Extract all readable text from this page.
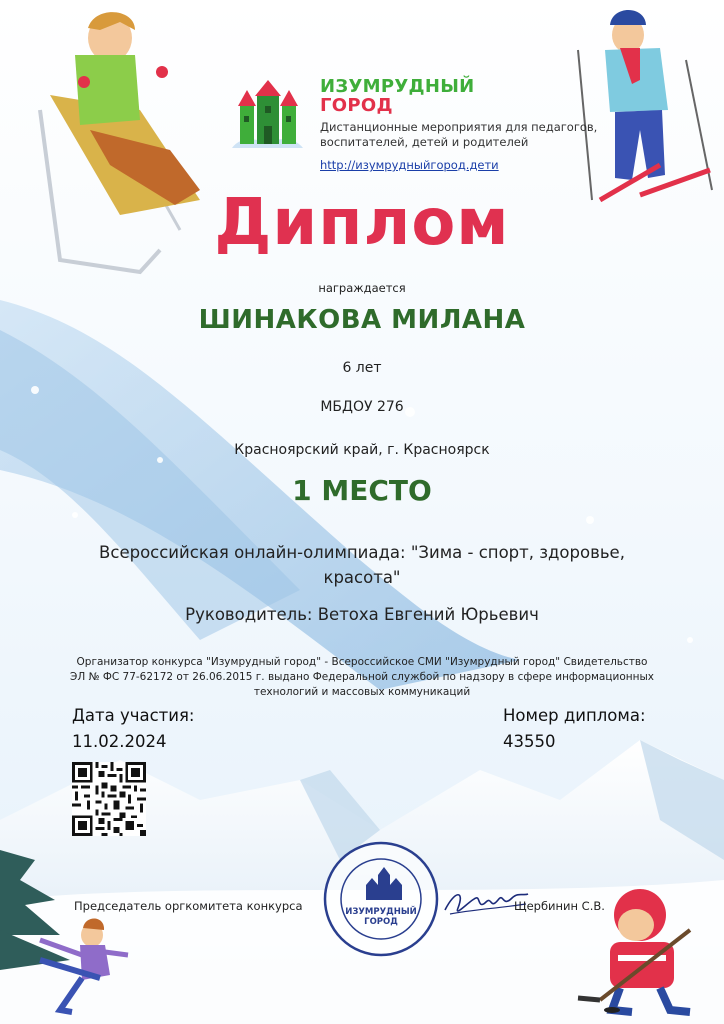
ИЗУМРУДНЫЙ
ГОРОД
Дистанционные мероприятия для педагогов, воспитателей, детей и родителей
http://изумрудныйгород.дети
Диплом
награждается
ШИНАКОВА МИЛАНА
6 лет
МБДОУ 276
Красноярский край, г. Красноярск
1 МЕСТО
Всероссийская онлайн-олимпиада: "Зима - спорт, здоровье, красота"
Руководитель: Ветоха Евгений Юрьевич
Организатор конкурса "Изумрудный город" - Всероссийское СМИ "Изумрудный город" Свидетельство ЭЛ № ФС 77-62172 от 26.06.2015 г. выдано Федеральной службой по надзору в сфере информационных технологий и массовых коммуникаций
Дата участия:
11.02.2024
Номер диплома:
43550
Председатель оргкомитета конкурса	ИЗУМРУДНЫЙ
ГОРОД
Щербинин С.В.
